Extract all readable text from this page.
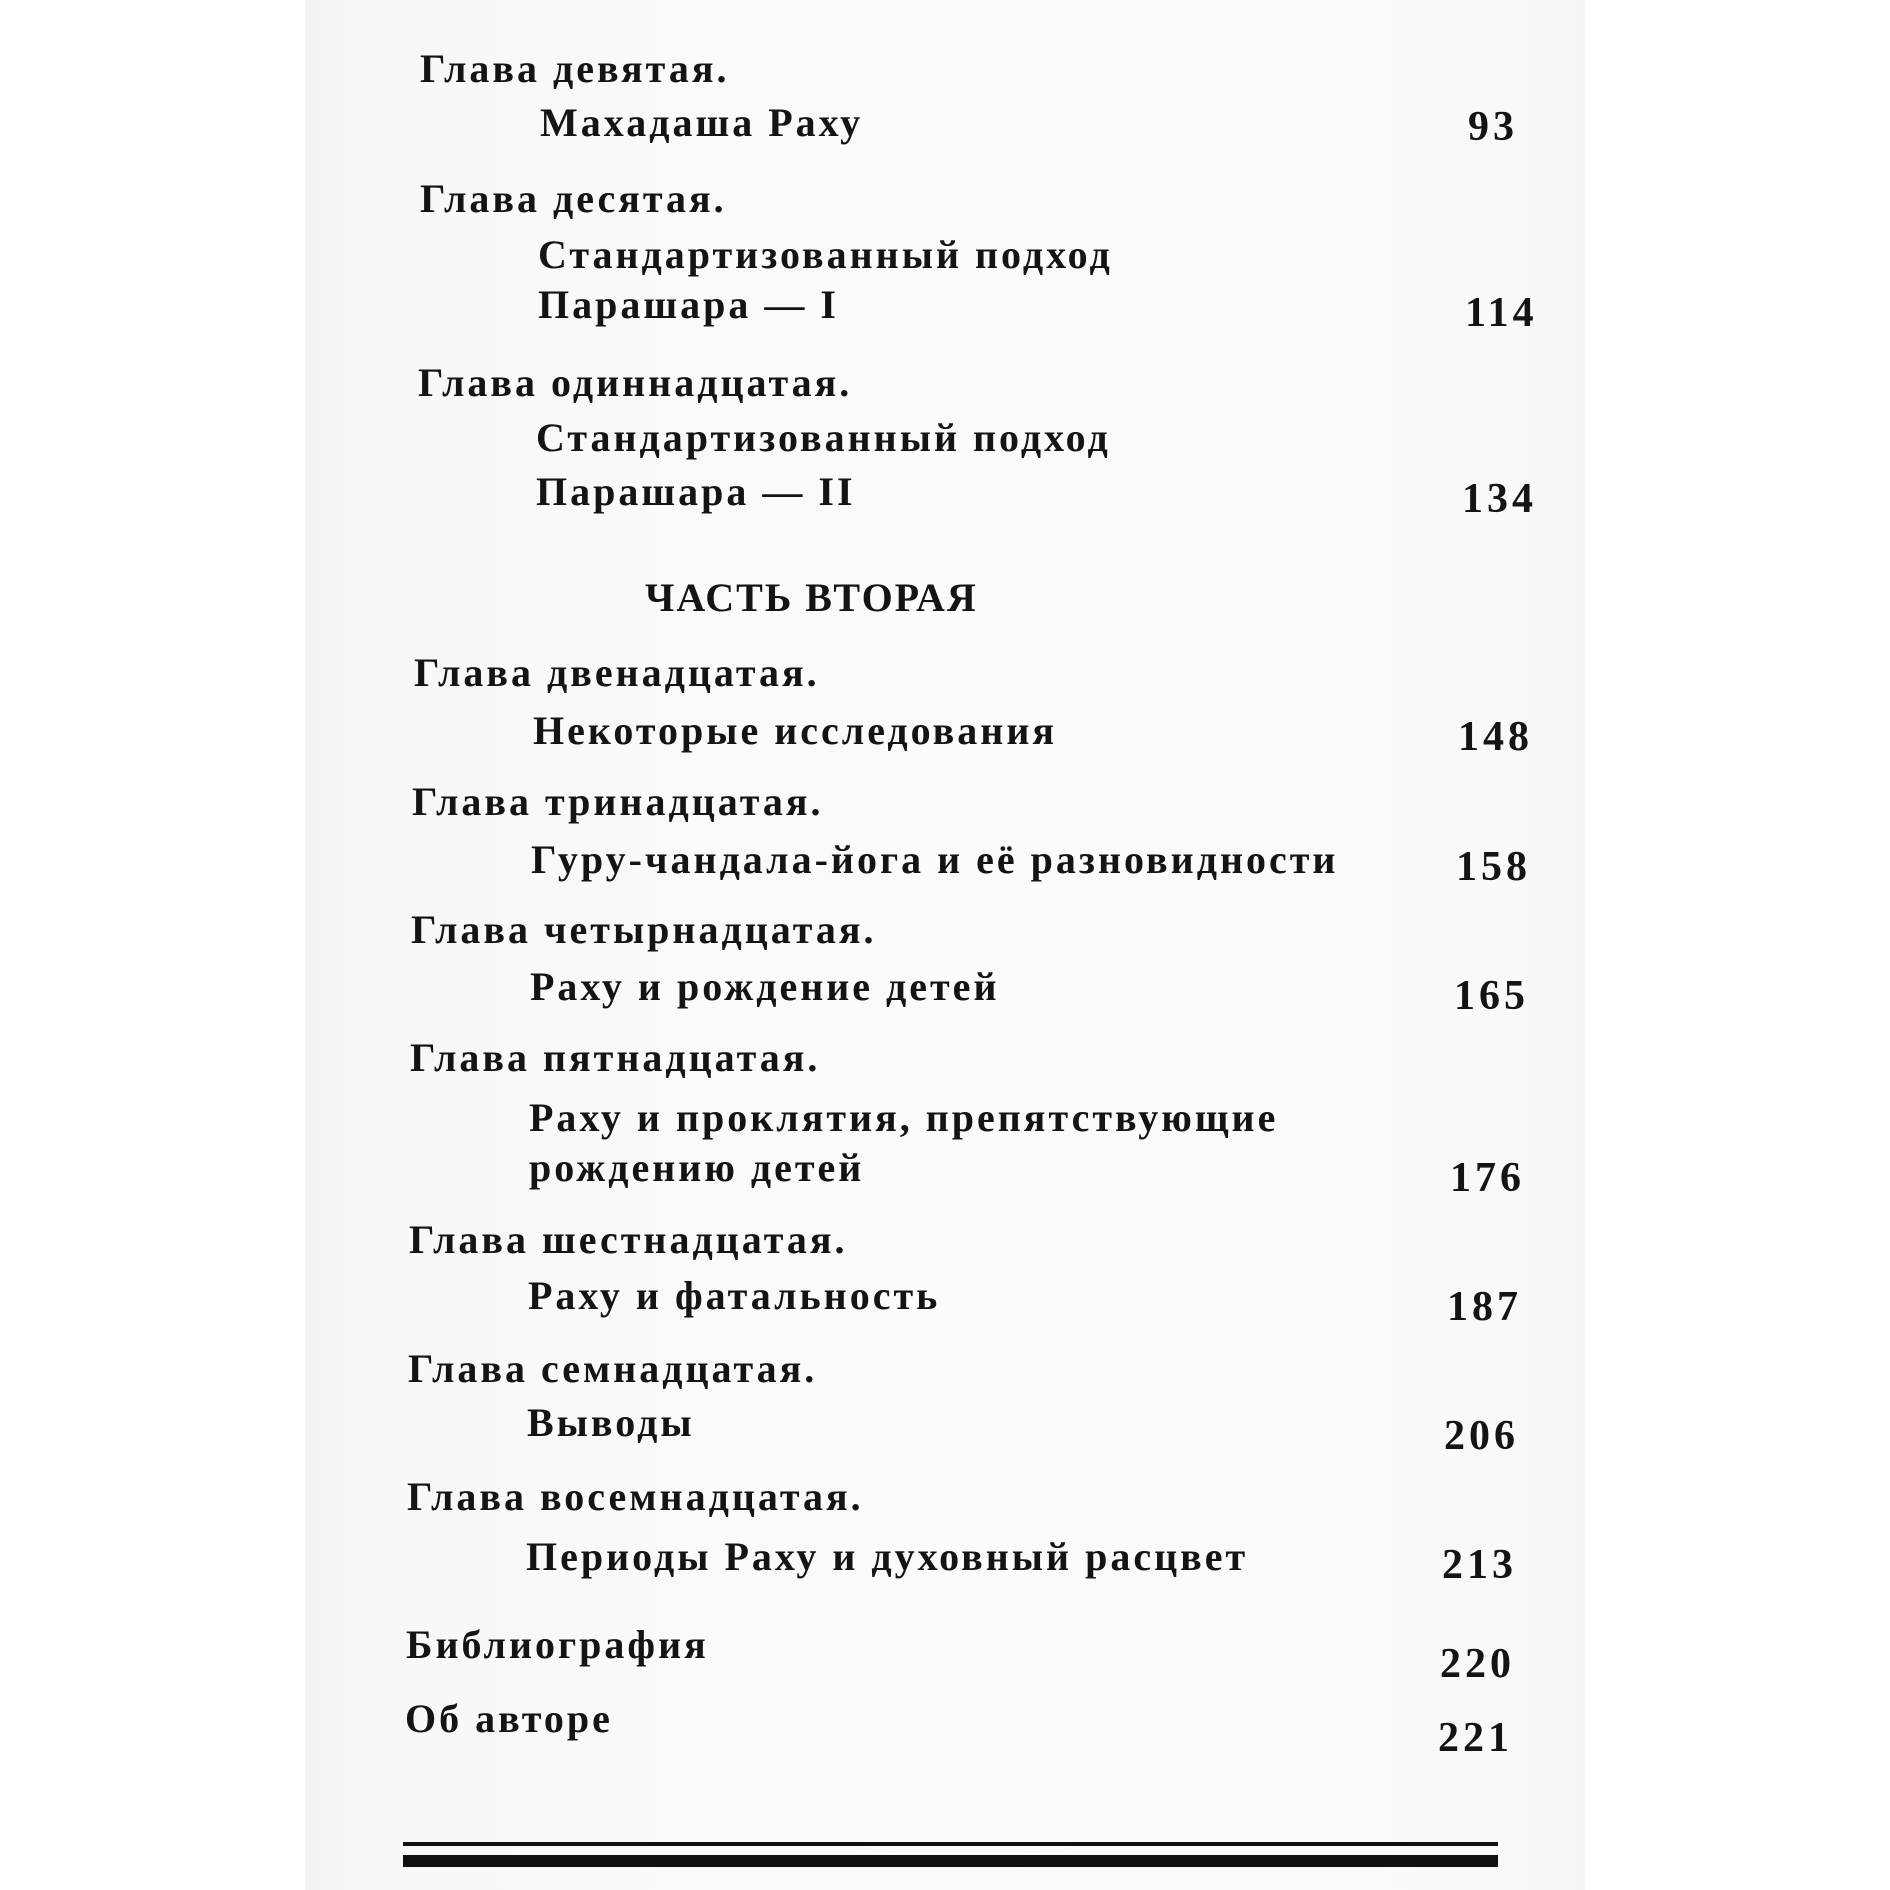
Глава девятая.
Махадаша Раху	93
Глава десятая.
Стандартизованный подход
Парашара — I	114
Глава одиннадцатая.
Стандартизованный подход
Парашара — II	134
ЧАСТЬ ВТОРАЯ
Глава двенадцатая.
Некоторые исследования	148
Глава тринадцатая.
Гуру-чандала-йога и её разновидности	158
Глава четырнадцатая.
Раху и рождение детей	165
Глава пятнадцатая.
Раху и проклятия, препятствующие
рождению детей	176
Глава шестнадцатая.
Раху и фатальность	187
Глава семнадцатая.
Выводы	206
Глава восемнадцатая.
Периоды Раху и духовный расцвет	213
Библиография	220
Об авторе	221
